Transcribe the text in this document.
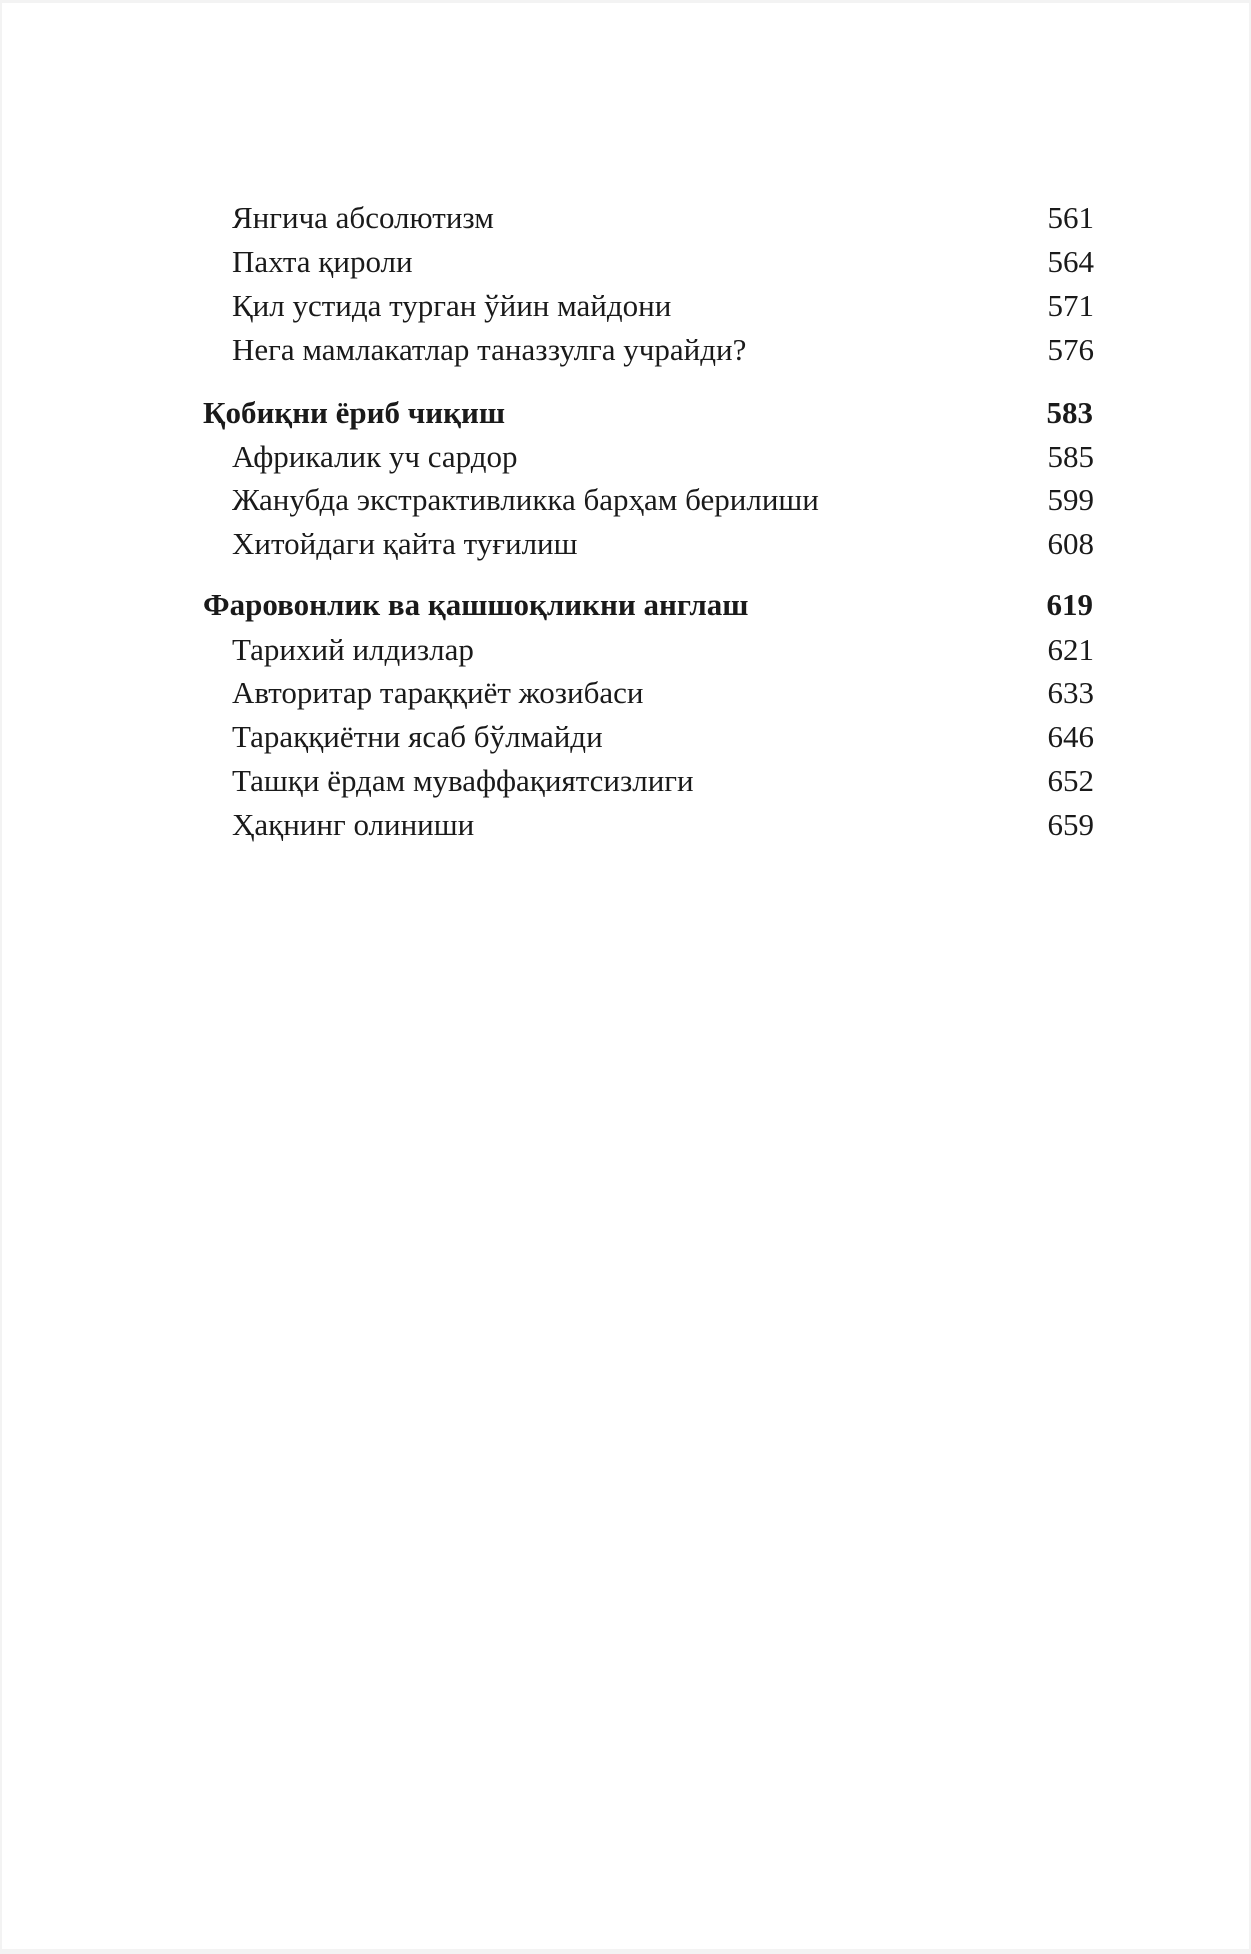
Янгича абсолютизм	561
Пахта қироли	564
Қил устида турган ўйин майдони	571
Нега мамлакатлар таназзулга учрайди?	576
Қобиқни ёриб чиқиш	583
Африкалик уч сардор	585
Жанубда экстрактивликка барҳам берилиши	599
Хитойдаги қайта туғилиш	608
Фаровонлик ва қашшоқликни англаш	619
Тарихий илдизлар	621
Авторитар тараққиёт жозибаси	633
Тараққиётни ясаб бўлмайди	646
Ташқи ёрдам муваффақиятсизлиги	652
Ҳақнинг олиниши	659
